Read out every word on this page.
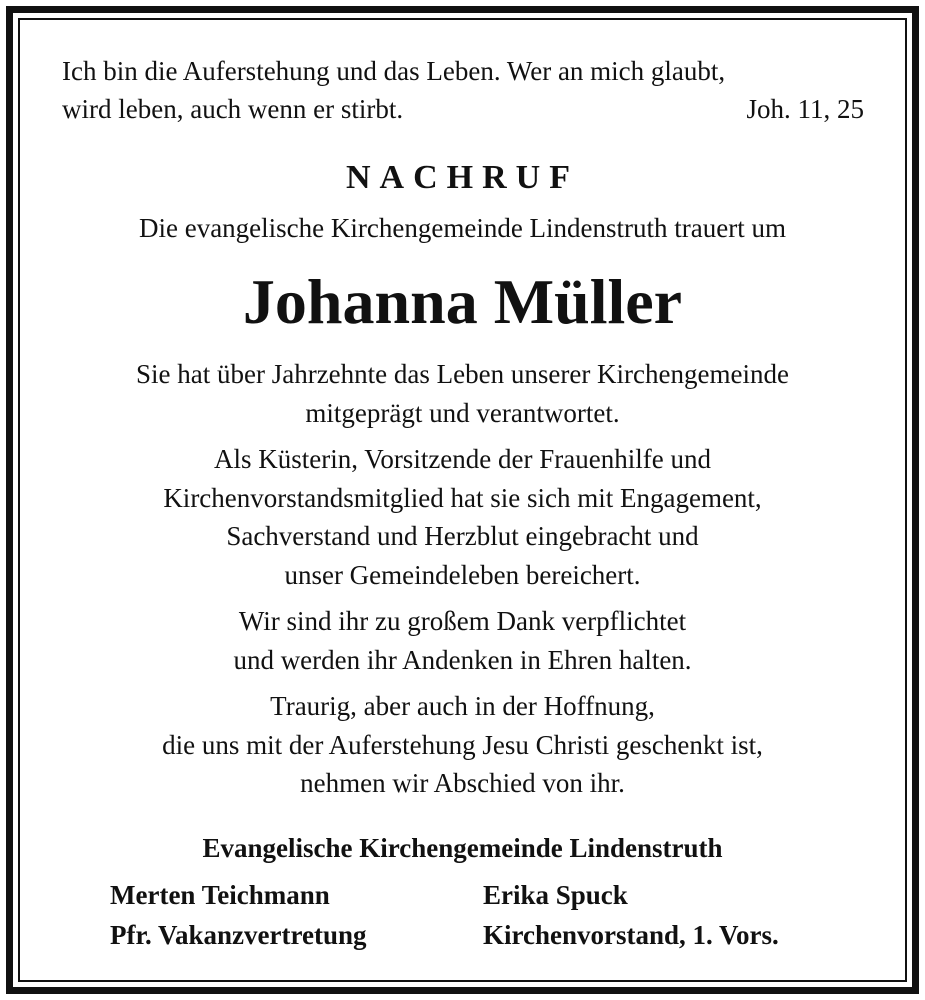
Ich bin die Auferstehung und das Leben. Wer an mich glaubt,
wird leben, auch wenn er stirbt.	Joh. 11, 25
NACHRUF
Die evangelische Kirchengemeinde Lindenstruth trauert um
Johanna Müller
Sie hat über Jahrzehnte das Leben unserer Kirchengemeinde
mitgeprägt und verantwortet.
Als Küsterin, Vorsitzende der Frauenhilfe und
Kirchenvorstandsmitglied hat sie sich mit Engagement,
Sachverstand und Herzblut eingebracht und
unser Gemeindeleben bereichert.
Wir sind ihr zu großem Dank verpflichtet
und werden ihr Andenken in Ehren halten.
Traurig, aber auch in der Hoffnung,
die uns mit der Auferstehung Jesu Christi geschenkt ist,
nehmen wir Abschied von ihr.
Evangelische Kirchengemeinde Lindenstruth
Merten Teichmann
Pfr. Vakanzvertretung
Erika Spuck
Kirchenvorstand, 1. Vors.
